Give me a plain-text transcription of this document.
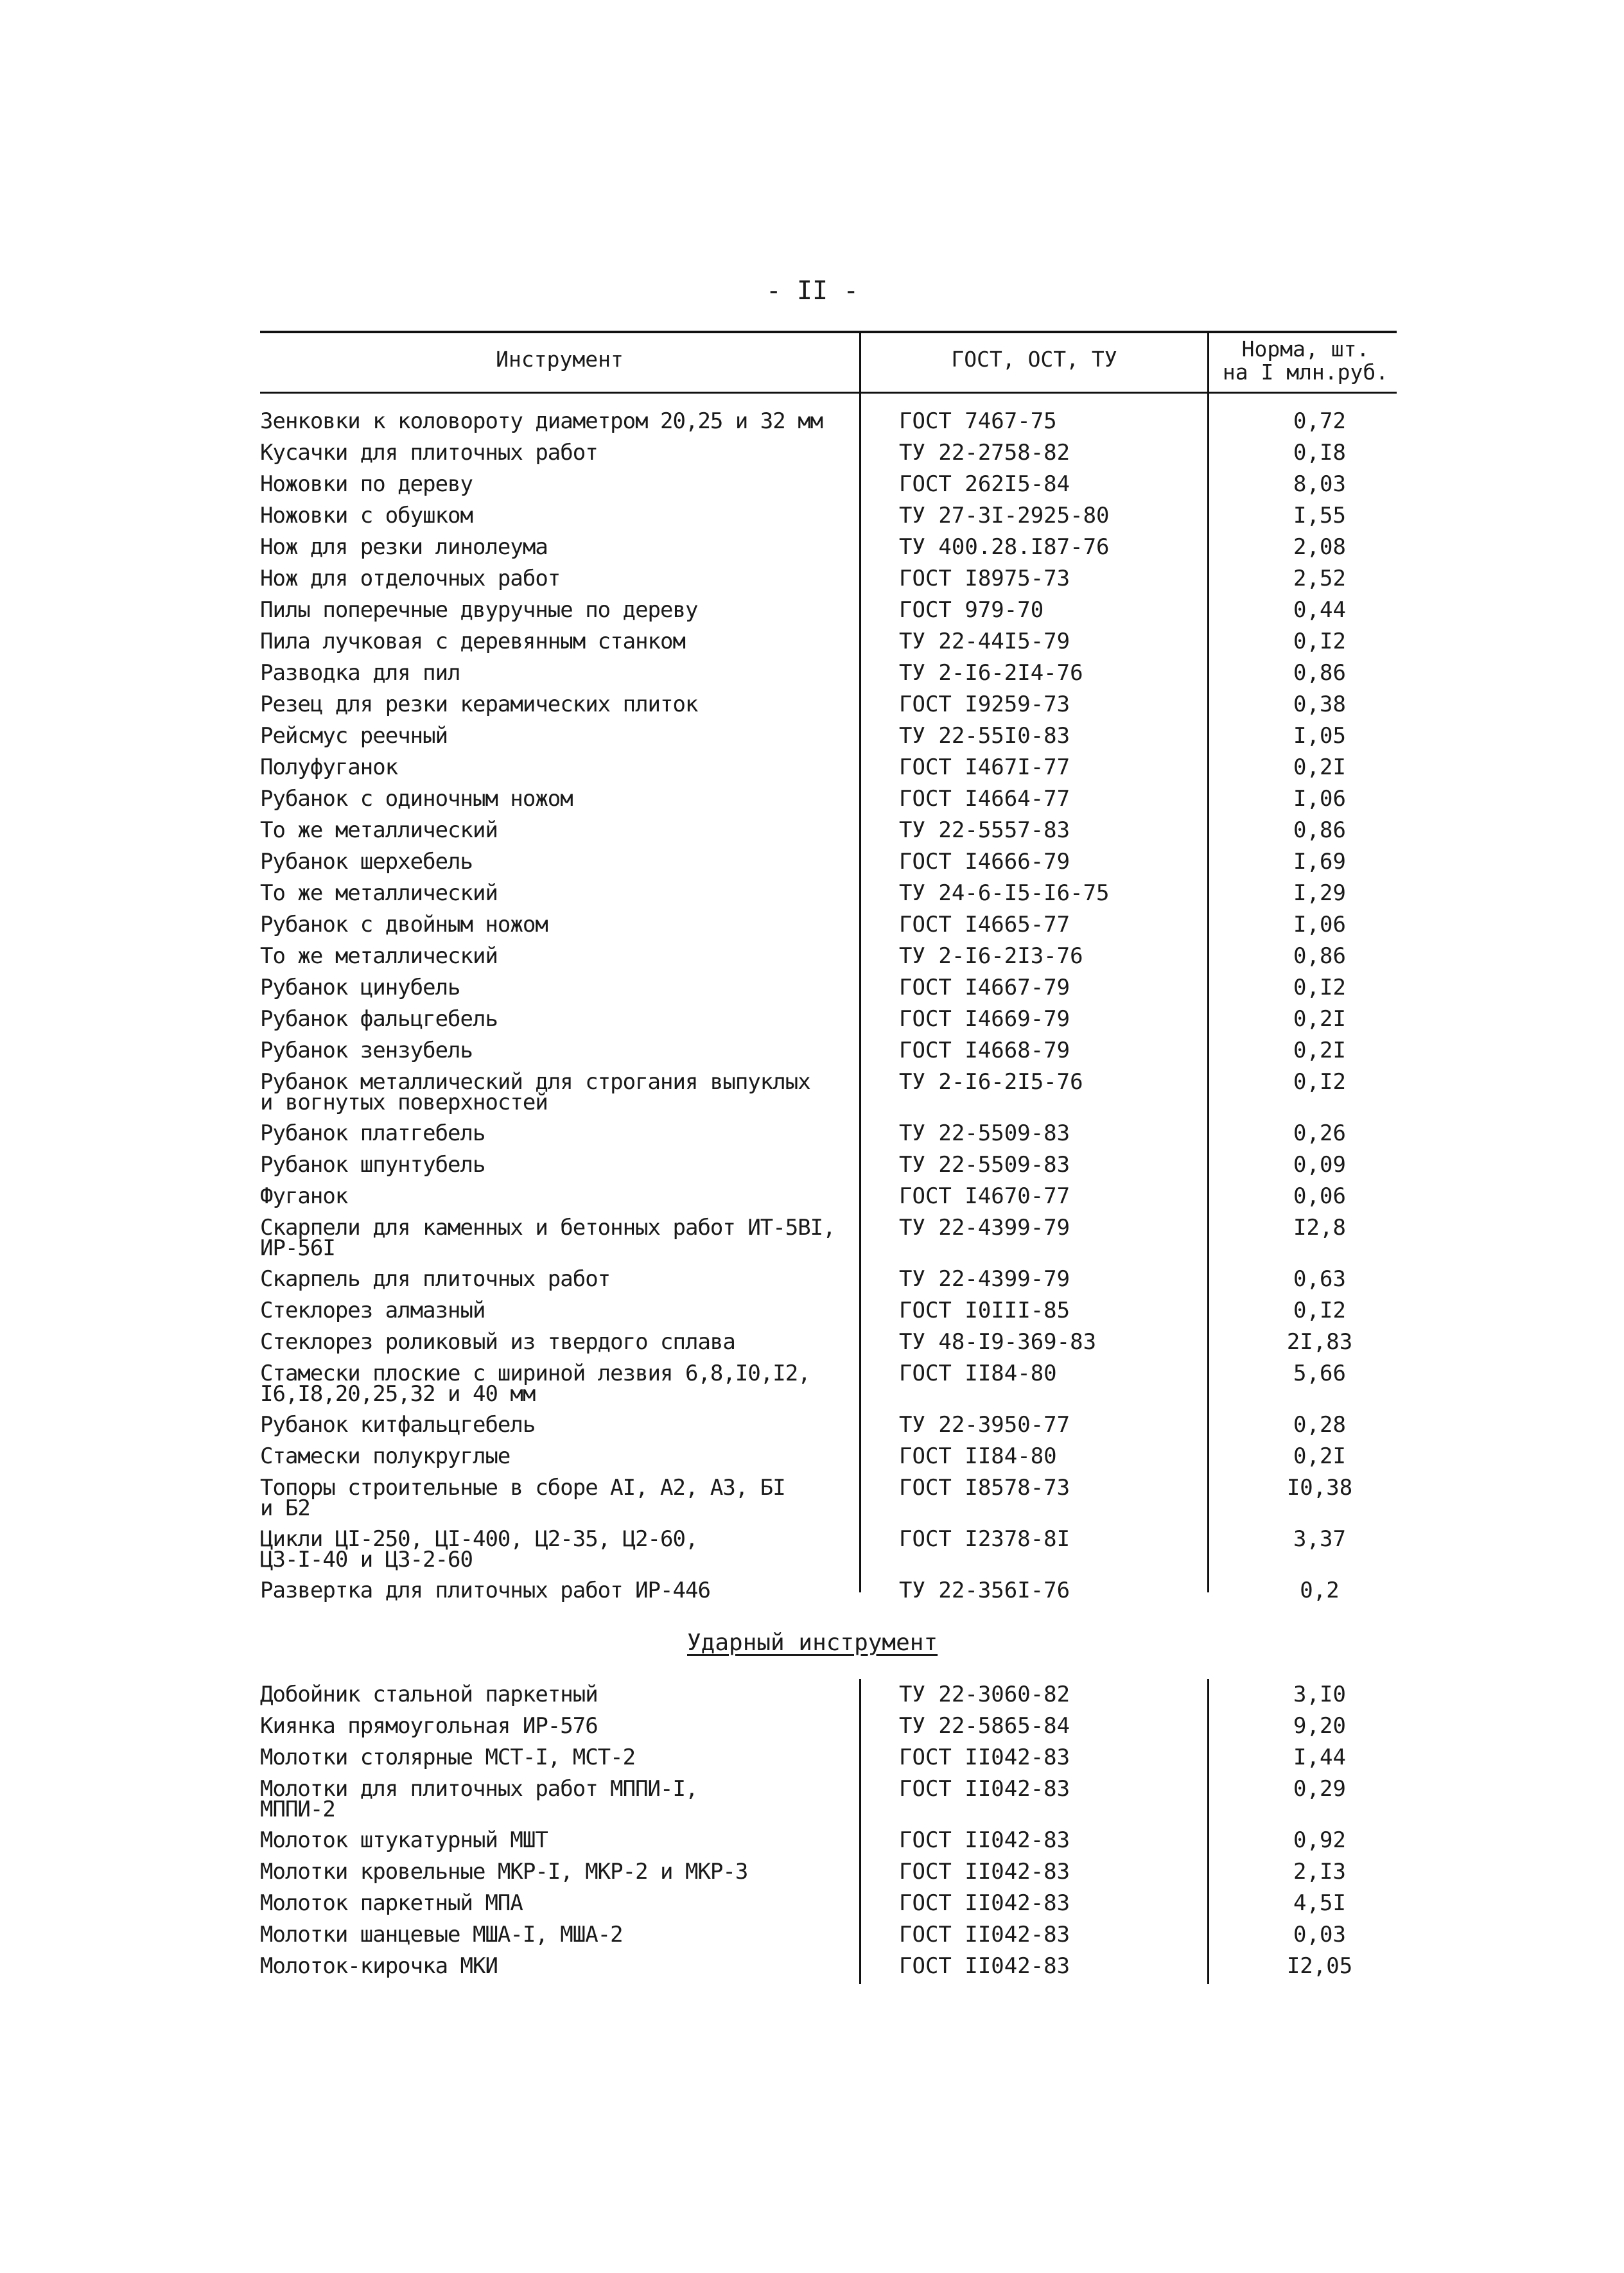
- II -
Инструмент	ГОСТ, ОСТ, ТУ	Норма, шт.
на I млн.руб.
Зенковки к коловороту диаметром 20,25 и 32 мм	ГОСТ 7467-75	0,72
Кусачки для плиточных работ	ТУ 22-2758-82	0,I8
Ножовки по дереву	ГОСТ 262I5-84	8,03
Ножовки с обушком	ТУ 27-3I-2925-80	I,55
Нож для резки линолеума	ТУ 400.28.I87-76	2,08
Нож для отделочных работ	ГОСТ I8975-73	2,52
Пилы поперечные двуручные по дереву	ГОСТ 979-70	0,44
Пила лучковая с деревянным станком	ТУ 22-44I5-79	0,I2
Разводка для пил	ТУ 2-I6-2I4-76	0,86
Резец для резки керамических плиток	ГОСТ I9259-73	0,38
Рейсмус реечный	ТУ 22-55I0-83	I,05
Полуфуганок	ГОСТ I467I-77	0,2I
Рубанок с одиночным ножом	ГОСТ I4664-77	I,06
То же металлический	ТУ 22-5557-83	0,86
Рубанок шерхебель	ГОСТ I4666-79	I,69
То же металлический	ТУ 24-6-I5-I6-75	I,29
Рубанок с двойным ножом	ГОСТ I4665-77	I,06
То же металлический	ТУ 2-I6-2I3-76	0,86
Рубанок цинубель	ГОСТ I4667-79	0,I2
Рубанок фальцгебель	ГОСТ I4669-79	0,2I
Рубанок зензубель	ГОСТ I4668-79	0,2I
Рубанок металлический для строгания выпуклых
и вогнутых поверхностей
ТУ 2-I6-2I5-76	0,I2
Рубанок платгебель	ТУ 22-5509-83	0,26
Рубанок шпунтубель	ТУ 22-5509-83	0,09
Фуганок	ГОСТ I4670-77	0,06
Скарпели для каменных и бетонных работ ИТ-5ВI,
ИР-56I
ТУ 22-4399-79	I2,8
Скарпель для плиточных работ	ТУ 22-4399-79	0,63
Стеклорез алмазный	ГОСТ I0III-85	0,I2
Стеклорез роликовый из твердого сплава	ТУ 48-I9-369-83	2I,83
Стамески плоские с шириной лезвия 6,8,I0,I2,
I6,I8,20,25,32 и 40 мм
ГОСТ II84-80	5,66
Рубанок китфальцгебель	ТУ 22-3950-77	0,28
Стамески полукруглые	ГОСТ II84-80	0,2I
Топоры строительные в сборе АI, А2, А3, БI
и Б2
ГОСТ I8578-73	I0,38
Цикли ЦI-250, ЦI-400, Ц2-35, Ц2-60,
Ц3-I-40 и Ц3-2-60
ГОСТ I2378-8I	3,37
Развертка для плиточных работ ИР-446	ТУ 22-356I-76	0,2
Добойник стальной паркетный	ТУ 22-3060-82	3,I0
Киянка прямоугольная ИР-576	ТУ 22-5865-84	9,20
Молотки столярные МСТ-I, МСТ-2	ГОСТ II042-83	I,44
Молотки для плиточных работ МППИ-I,
МППИ-2
ГОСТ II042-83	0,29
Молоток штукатурный МШТ	ГОСТ II042-83	0,92
Молотки кровельные МКР-I, МКР-2 и МКР-3	ГОСТ II042-83	2,I3
Молоток паркетный МПА	ГОСТ II042-83	4,5I
Молотки шанцевые МША-I, МША-2	ГОСТ II042-83	0,03
Молоток-кирочка МКИ	ГОСТ II042-83	I2,05
Ударный инструмент
